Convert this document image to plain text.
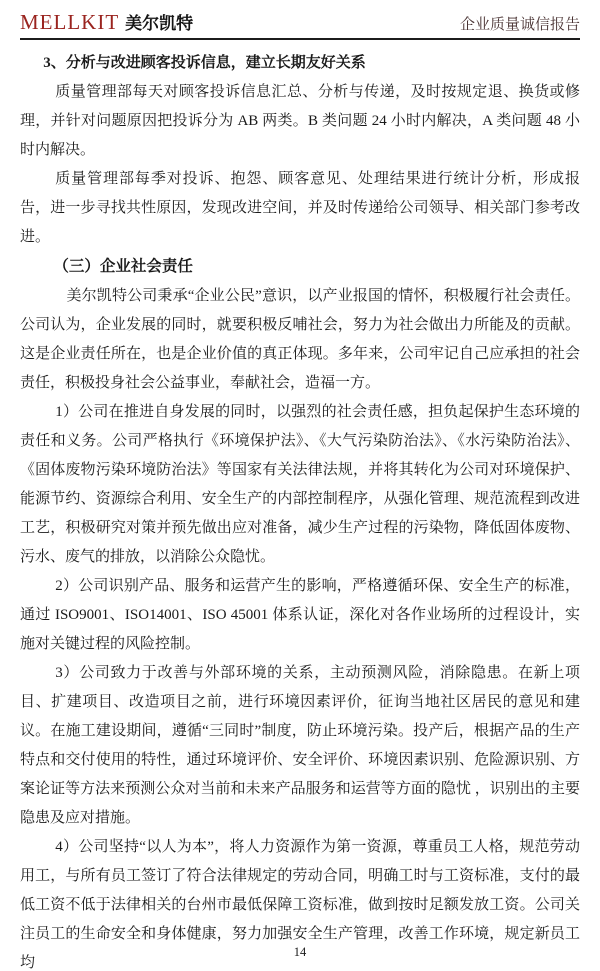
MELLKIT 美尔凯特	企业质量诚信报告

3、分析与改进顾客投诉信息，建立长期友好关系

质量管理部每天对顾客投诉信息汇总、分析与传递，及时按规定退、换货或修理，并针对问题原因把投诉分为 AB 两类。B 类问题 24 小时内解决，A 类问题 48 小时内解决。

质量管理部每季对投诉、抱怨、顾客意见、处理结果进行统计分析，形成报告，进一步寻找共性原因，发现改进空间，并及时传递给公司领导、相关部门参考改进。

（三）企业社会责任

美尔凯特公司秉承“企业公民”意识，以产业报国的情怀，积极履行社会责任。公司认为，企业发展的同时，就要积极反哺社会，努力为社会做出力所能及的贡献。这是企业责任所在，也是企业价值的真正体现。多年来，公司牢记自己应承担的社会责任，积极投身社会公益事业，奉献社会，造福一方。

1）公司在推进自身发展的同时，以强烈的社会责任感，担负起保护生态环境的责任和义务。公司严格执行《环境保护法》、《大气污染防治法》、《水污染防治法》、《固体废物污染环境防治法》等国家有关法律法规，并将其转化为公司对环境保护、能源节约、资源综合利用、安全生产的内部控制程序，从强化管理、规范流程到改进工艺，积极研究对策并预先做出应对准备，减少生产过程的污染物，降低固体废物、污水、废气的排放，以消除公众隐忧。

2）公司识别产品、服务和运营产生的影响，严格遵循环保、安全生产的标准，通过 ISO9001、ISO14001、ISO 45001 体系认证，深化对各作业场所的过程设计，实施对关键过程的风险控制。

3）公司致力于改善与外部环境的关系，主动预测风险，消除隐患。在新上项目、扩建项目、改造项目之前，进行环境因素评价，征询当地社区居民的意见和建议。在施工建设期间，遵循“三同时”制度，防止环境污染。投产后，根据产品的生产特点和交付使用的特性，通过环境评价、安全评价、环境因素识别、危险源识别、方案论证等方法来预测公众对当前和未来产品服务和运营等方面的隐忧 ，识别出的主要隐患及应对措施。

4）公司坚持“以人为本”，将人力资源作为第一资源，尊重员工人格，规范劳动用工，与所有员工签订了符合法律规定的劳动合同，明确工时与工资标准，支付的最低工资不低于法律相关的台州市最低保障工资标准，做到按时足额发放工资。公司关注员工的生命安全和身体健康，努力加强安全生产管理，改善工作环境，规定新员工均

14
